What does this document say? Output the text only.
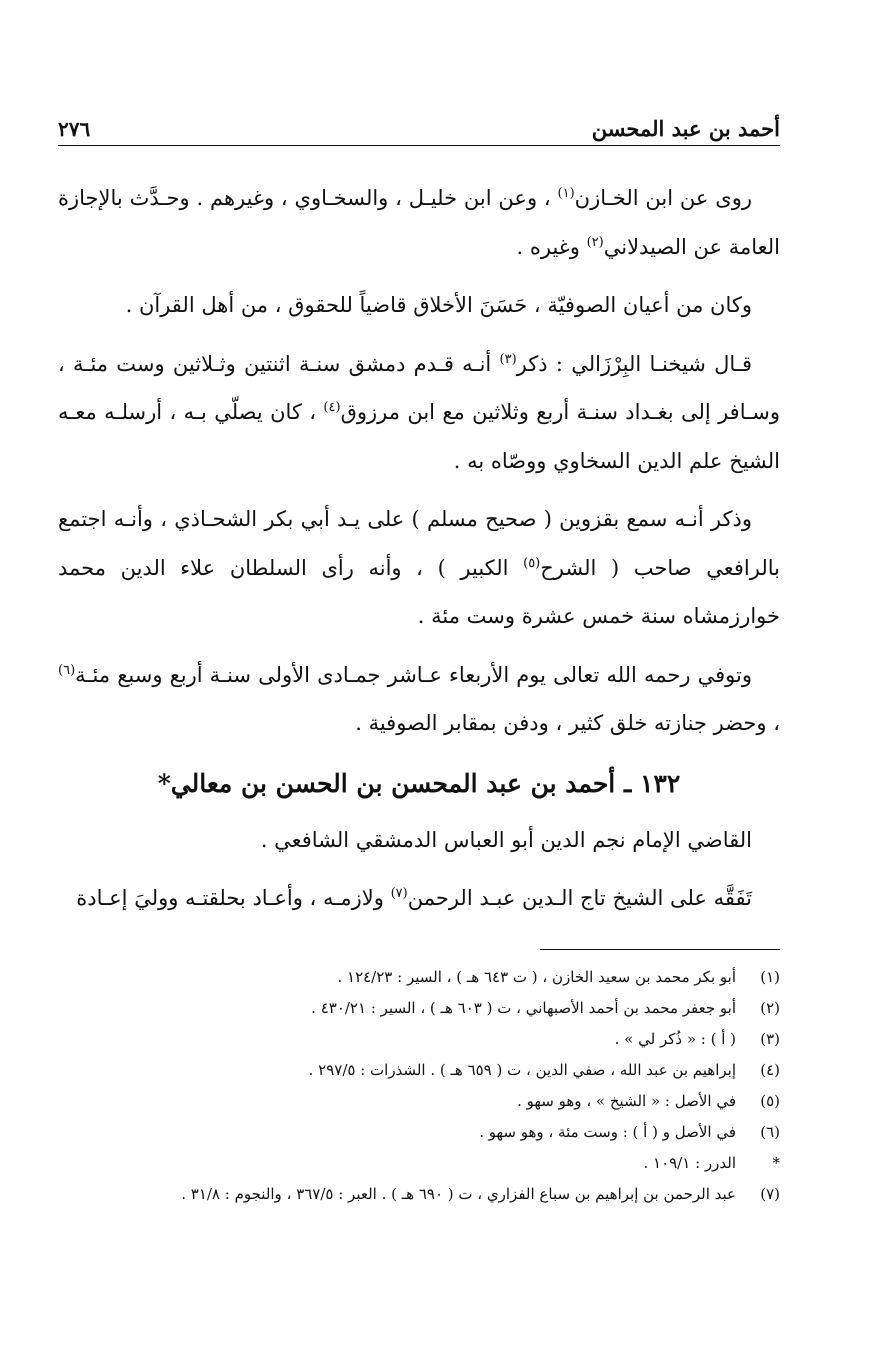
أحمد بن عبد المحسن
٢٧٦

روى عن ابن الخـازن$^{(١)}$ ، وعن ابن خليـل ، والسخـاوي ، وغيرهم . وحـدَّث بالإجازة العامة عن الصيدلاني$^{(٢)}$ وغيره .

وكان من أعيان الصوفيّة ، حَسَنَ الأخلاق قاضياً للحقوق ، من أهل القرآن .

قـال شيخنـا البِرْزَالي : ذكر$^{(٣)}$ أنـه قـدم دمشق سنـة اثنتين وثـلاثين وست مئـة ، وسـافر إلى بغـداد سنـة أربع وثلاثين مع ابن مرزوق$^{(٤)}$ ، كان يصلّي بـه ، أرسلـه معـه الشيخ علم الدين السخاوي ووصّاه به .

وذكر أنـه سمع بقزوين ( صحيح مسلم ) على يـد أبي بكر الشحـاذي ، وأنـه اجتمع بالرافعي صاحب ( الشرح$^{(٥)}$ الكبير ) ، وأنه رأى السلطان علاء الدين محمد خوارزمشاه سنة خمس عشرة وست مئة .

وتوفي رحمه الله تعالى يوم الأربعاء عـاشر جمـادى الأولى سنـة أربع وسبع مئـة$^{(٦)}$ ، وحضر جنازته خلق كثير ، ودفن بمقابر الصوفية .

١٣٢ ـ أحمد بن عبد المحسن بن الحسن بن معالي*

القاضي الإمام نجم الدين أبو العباس الدمشقي الشافعي .

تَفَقَّه على الشيخ تاج الـدين عبـد الرحمن$^{(٧)}$ ولازمـه ، وأعـاد بحلقتـه ووليَ إعـادة

(١)
أبو بكر محمد بن سعيد الخازن ، ( ت ٦٤٣ هـ ) ، السير : ١٢٤/٢٣ .
(٢)
أبو جعفر محمد بن أحمد الأصبهاني ، ت ( ٦٠٣ هـ ) ، السير : ٤٣٠/٢١ .
(٣)
( أ ) : « ذُكر لي » .
(٤)
إبراهيم بن عبد الله ، صفي الدين ، ت ( ٦٥٩ هـ ) . الشذرات : ٢٩٧/٥ .
(٥)
في الأصل : « الشيخ » ، وهو سهو .
(٦)
في الأصل و ( أ ) : وست مئة ، وهو سهو .
*
الدرر : ١٠٩/١ .
(٧)
عبد الرحمن بن إبراهيم بن سباع الفزاري ، ت ( ٦٩٠ هـ ) . العبر : ٣٦٧/٥ ، والنجوم : ٣١/٨ .
